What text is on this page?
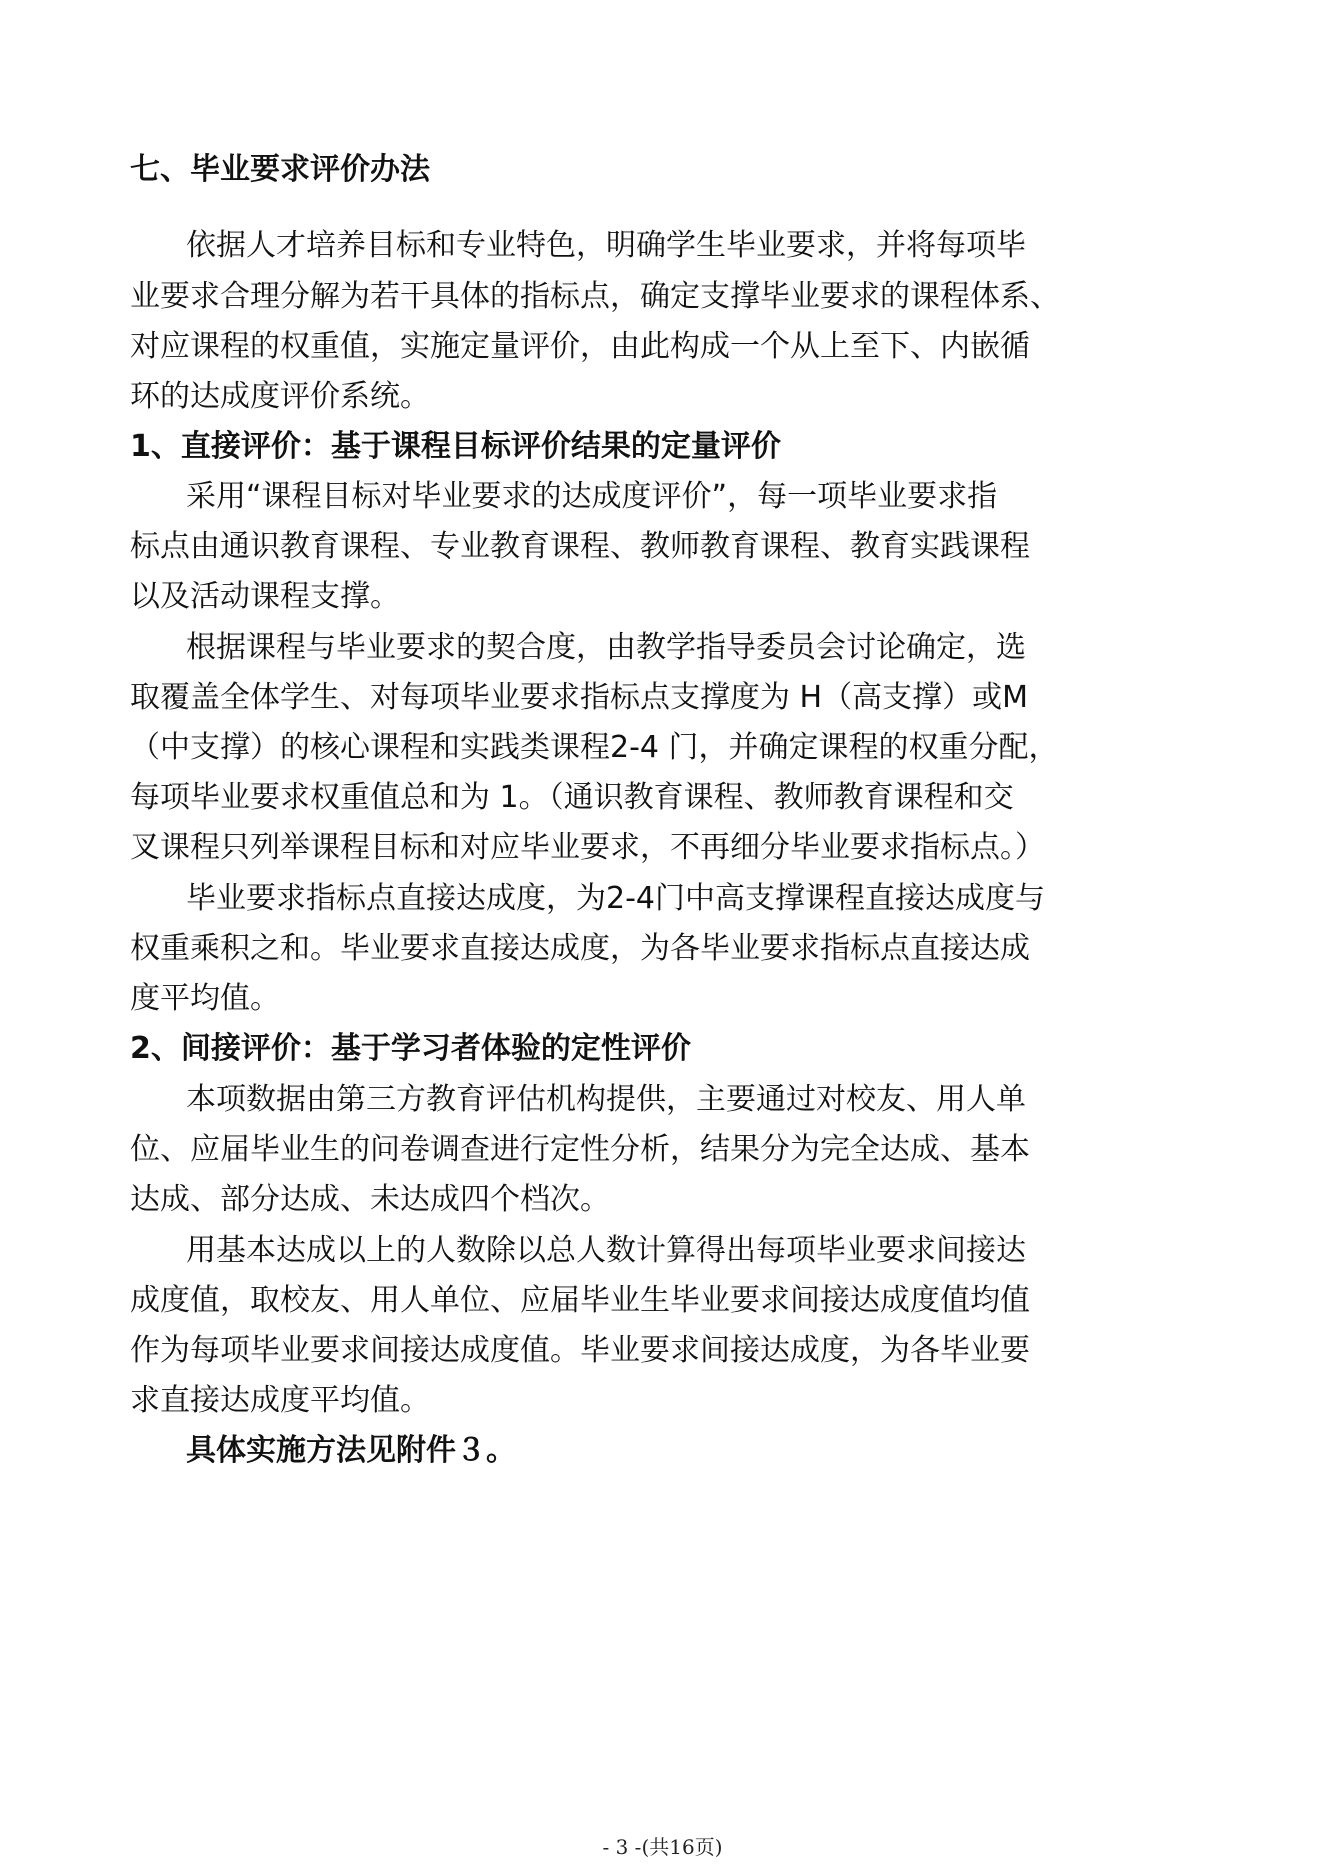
七、毕业要求评价办法
依据人才培养目标和专业特色，明确学生毕业要求，并将每项毕
业要求合理分解为若干具体的指标点，确定支撑毕业要求的课程体系、
对应课程的权重值，实施定量评价，由此构成一个从上至下、内嵌循
环的达成度评价系统。
1、直接评价：基于课程目标评价结果的定量评价
采用“课程目标对毕业要求的达成度评价”，每一项毕业要求指
标点由通识教育课程、专业教育课程、教师教育课程、教育实践课程
以及活动课程支撑。
根据课程与毕业要求的契合度，由教学指导委员会讨论确定，选
取覆盖全体学生、对每项毕业要求指标点支撑度为 H（高支撑）或M
（中支撑）的核心课程和实践类课程2-4 门，并确定课程的权重分配，
每项毕业要求权重值总和为 1。（通识教育课程、教师教育课程和交
叉课程只列举课程目标和对应毕业要求，不再细分毕业要求指标点。）
毕业要求指标点直接达成度，为2-4门中高支撑课程直接达成度与
权重乘积之和。毕业要求直接达成度，为各毕业要求指标点直接达成
度平均值。
2、间接评价：基于学习者体验的定性评价
本项数据由第三方教育评估机构提供，主要通过对校友、用人单
位、应届毕业生的问卷调查进行定性分析，结果分为完全达成、基本
达成、部分达成、未达成四个档次。
用基本达成以上的人数除以总人数计算得出每项毕业要求间接达
成度值，取校友、用人单位、应届毕业生毕业要求间接达成度值均值
作为每项毕业要求间接达成度值。毕业要求间接达成度，为各毕业要
求直接达成度平均值。
具体实施方法见附件３。
- 3 -(共16页)
